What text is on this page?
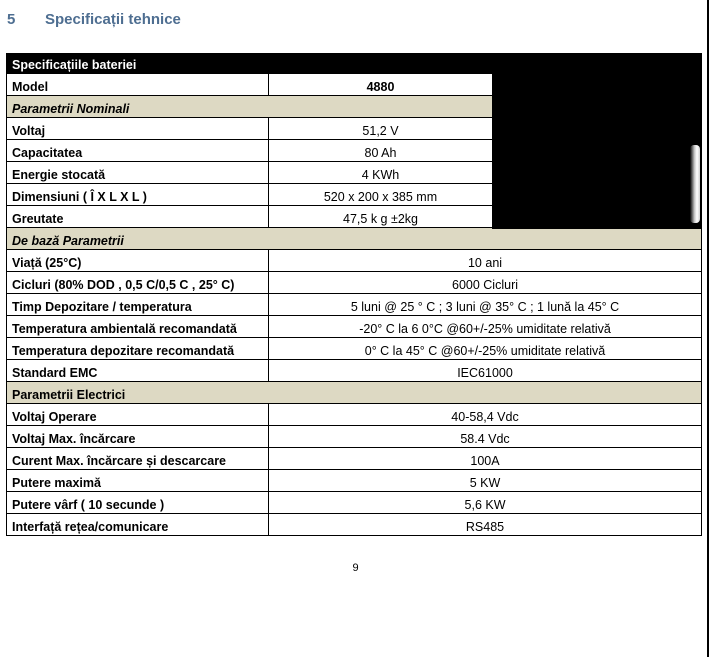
5 Specificații tehnice
Specificațiile bateriei		
Model	4880	
Parametrii Nominali		
Voltaj	51,2 V	
Capacitatea	80 Ah	
Energie stocată	4 KWh	
Dimensiuni ( Î X L X L )	520 x 200 x 385 mm	
Greutate	47,5 k g ±2kg	
De bază Parametrii		
Viață (25°C)	10 ani	
Cicluri (80% DOD , 0,5 C/0,5 C , 25° C)	6000 Cicluri	
Timp Depozitare / temperatura	5 luni @ 25 ° C ; 3 luni @ 35° C ; 1 lună la 45° C	
Temperatura ambientală recomandată	-20° C la 6 0°C @60+/-25% umiditate relativă	
Temperatura depozitare recomandată	0° C la 45° C @60+/-25% umiditate relativă	
Standard EMC	IEC61000	
Parametrii Electrici		
Voltaj Operare	40-58,4 Vdc	
Voltaj Max. încărcare	58.4 Vdc	
Curent Max. încărcare și descarcare	100A	
Putere maximă	5 KW	
Putere vârf ( 10 secunde )	5,6 KW	
Interfață rețea/comunicare	RS485	
9
